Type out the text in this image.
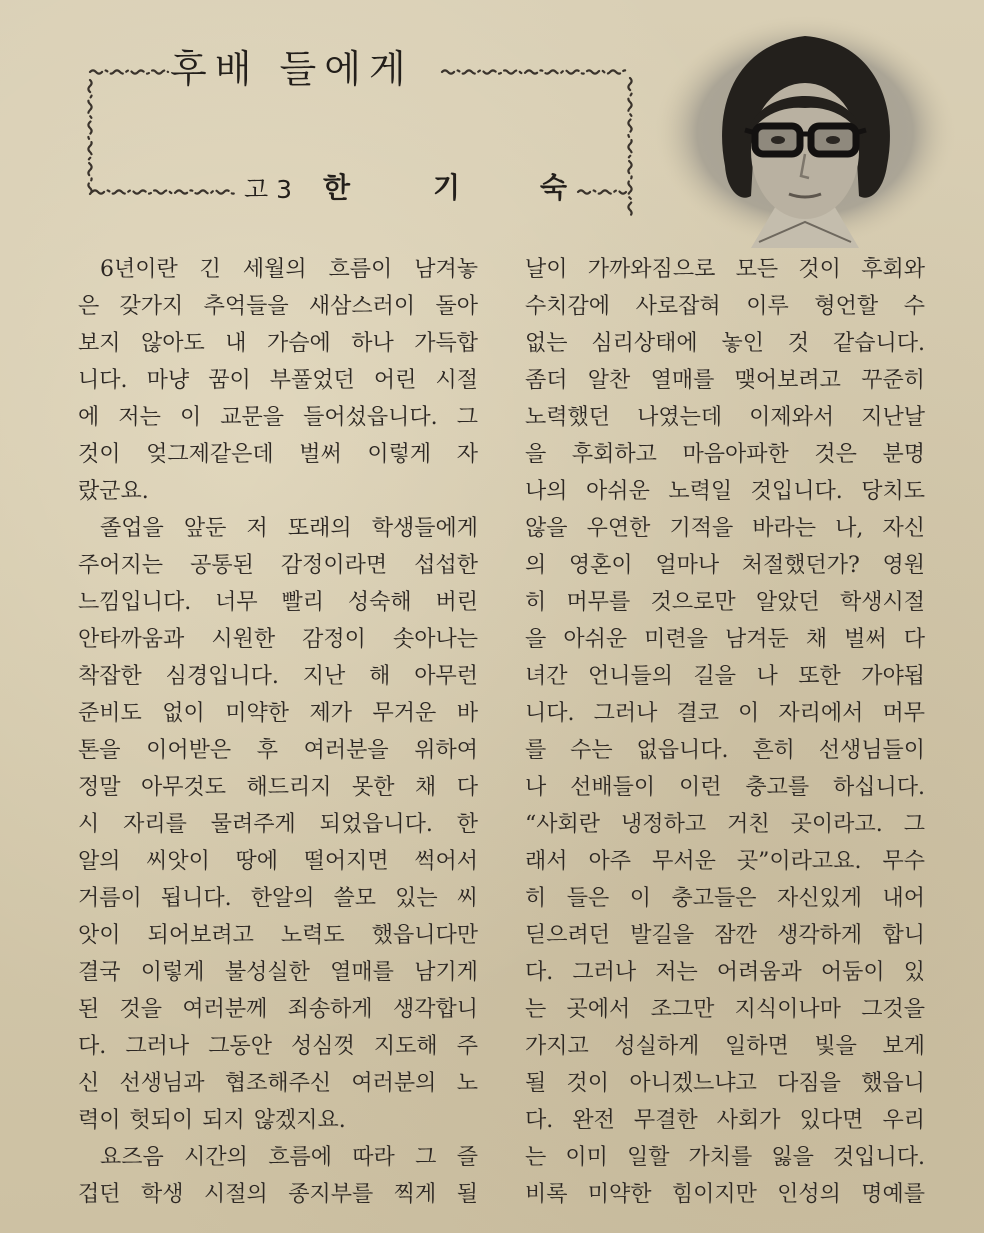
후배 들에게
고 3 한	기	숙
6년이란 긴 세월의 흐름이 남겨놓
은 갖가지 추억들을 새삼스러이 돌아
보지 않아도 내 가슴에 하나 가득합
니다. 마냥 꿈이 부풀었던 어린 시절
에 저는 이 교문을 들어섰읍니다. 그
것이 엊그제같은데 벌써 이렇게 자
랐군요.
졸업을 앞둔 저 또래의 학생들에게
주어지는 공통된 감정이라면 섭섭한
느낌입니다. 너무 빨리 성숙해 버린
안타까움과 시원한 감정이 솟아나는
착잡한 심경입니다. 지난 해 아무런
준비도 없이 미약한 제가 무거운 바
톤을 이어받은 후 여러분을 위하여
정말 아무것도 해드리지 못한 채 다
시 자리를 물려주게 되었읍니다. 한
알의 씨앗이 땅에 떨어지면 썩어서
거름이 됩니다. 한알의 쓸모 있는 씨
앗이 되어보려고 노력도 했읍니다만
결국 이렇게 불성실한 열매를 남기게
된 것을 여러분께 죄송하게 생각합니
다. 그러나 그동안 성심껏 지도해 주
신 선생님과 협조해주신 여러분의 노
력이 헛되이 되지 않겠지요.
요즈음 시간의 흐름에 따라 그 즐
겁던 학생 시절의 종지부를 찍게 될
날이 가까와짐으로 모든 것이 후회와
수치감에 사로잡혀 이루 형언할 수
없는 심리상태에 놓인 것 같습니다.
좀더 알찬 열매를 맺어보려고 꾸준히
노력했던 나였는데 이제와서 지난날
을 후회하고 마음아파한 것은 분명
나의 아쉬운 노력일 것입니다. 당치도
않을 우연한 기적을 바라는 나, 자신
의 영혼이 얼마나 처절했던가? 영원
히 머무를 것으로만 알았던 학생시절
을 아쉬운 미련을 남겨둔 채 벌써 다
녀간 언니들의 길을 나 또한 가야됩
니다. 그러나 결코 이 자리에서 머무
를 수는 없읍니다. 흔히 선생님들이
나 선배들이 이런 충고를 하십니다.
“사회란 냉정하고 거친 곳이라고. 그
래서 아주 무서운 곳”이라고요. 무수
히 들은 이 충고들은 자신있게 내어
딛으려던 발길을 잠깐 생각하게 합니
다. 그러나 저는 어려움과 어둠이 있
는 곳에서 조그만 지식이나마 그것을
가지고 성실하게 일하면 빛을 보게
될 것이 아니겠느냐고 다짐을 했읍니
다. 완전 무결한 사회가 있다면 우리
는 이미 일할 가치를 잃을 것입니다.
비록 미약한 힘이지만 인성의 명예를
